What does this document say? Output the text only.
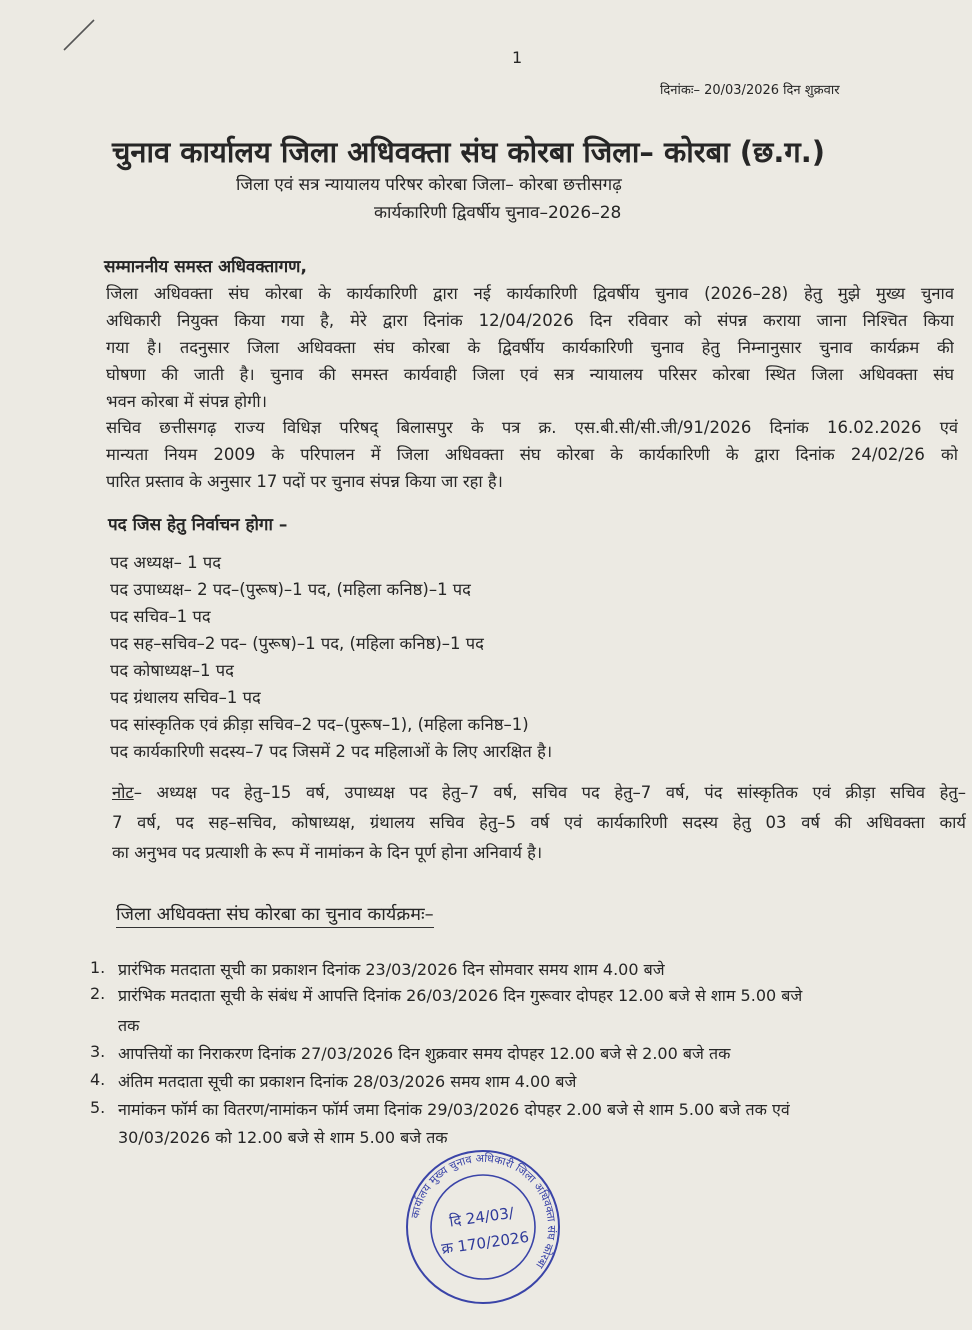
1
दिनांकः– 20/03/2026 दिन शुक्रवार
चुनाव कार्यालय जिला अधिवक्ता संघ कोरबा जिला– कोरबा (छ.ग.)
जिला एवं सत्र न्यायालय परिषर कोरबा जिला– कोरबा छत्तीसगढ़
कार्यकारिणी द्विवर्षीय चुनाव–2026–28
सम्माननीय समस्त अधिवक्तागण,
जिला अधिवक्ता संघ कोरबा के कार्यकारिणी द्वारा नई कार्यकारिणी द्विवर्षीय चुनाव (2026–28) हेतु मुझे मुख्य चुनाव
अधिकारी नियुक्त किया गया है, मेरे द्वारा दिनांक 12/04/2026 दिन रविवार को संपन्न कराया जाना निश्चित किया
गया है। तदनुसार जिला अधिवक्ता संघ कोरबा के द्विवर्षीय कार्यकारिणी चुनाव हेतु निम्नानुसार चुनाव कार्यक्रम की
घोषणा की जाती है। चुनाव की समस्त कार्यवाही जिला एवं सत्र न्यायालय परिसर कोरबा स्थित जिला अधिवक्ता संघ
भवन कोरबा में संपन्न होगी।
सचिव छत्तीसगढ़ राज्य विधिज्ञ परिषद् बिलासपुर के पत्र क्र. एस.बी.सी/सी.जी/91/2026 दिनांक 16.02.2026 एवं
मान्यता नियम 2009 के परिपालन में जिला अधिवक्ता संघ कोरबा के कार्यकारिणी के द्वारा दिनांक 24/02/26 को
पारित प्रस्ताव के अनुसार 17 पदों पर चुनाव संपन्न किया जा रहा है।
पद जिस हेतु निर्वाचन होगा –
पद अध्यक्ष– 1 पद
पद उपाध्यक्ष– 2 पद–(पुरूष)–1 पद, (महिला कनिष्ठ)–1 पद
पद सचिव–1 पद
पद सह–सचिव–2 पद– (पुरूष)–1 पद, (महिला कनिष्ठ)–1 पद
पद कोषाध्यक्ष–1 पद
पद ग्रंथालय सचिव–1 पद
पद सांस्कृतिक एवं क्रीड़ा सचिव–2 पद–(पुरूष–1), (महिला कनिष्ठ–1)
पद कार्यकारिणी सदस्य–7 पद जिसमें 2 पद महिलाओं के लिए आरक्षित है।
नोट– अध्यक्ष पद हेतु–15 वर्ष, उपाध्यक्ष पद हेतु–7 वर्ष, सचिव पद हेतु–7 वर्ष, पंद सांस्कृतिक एवं क्रीड़ा सचिव हेतु–
7 वर्ष, पद सह–सचिव, कोषाध्यक्ष, ग्रंथालय सचिव हेतु–5 वर्ष एवं कार्यकारिणी सदस्य हेतु 03 वर्ष की अधिवक्ता कार्य
का अनुभव पद प्रत्याशी के रूप में नामांकन के दिन पूर्ण होना अनिवार्य है।
जिला अधिवक्ता संघ कोरबा का चुनाव कार्यक्रमः–
1. प्रारंभिक मतदाता सूची का प्रकाशन दिनांक 23/03/2026 दिन सोमवार समय शाम 4.00 बजे
2. प्रारंभिक मतदाता सूची के संबंध में आपत्ति दिनांक 26/03/2026 दिन गुरूवार दोपहर 12.00 बजे से शाम 5.00 बजे
तक
3. आपत्तियों का निराकरण दिनांक 27/03/2026 दिन शुक्रवार समय दोपहर 12.00 बजे से 2.00 बजे तक
4. अंतिम मतदाता सूची का प्रकाशन दिनांक 28/03/2026 समय शाम 4.00 बजे
5. नामांकन फॉर्म का वितरण/नामांकन फॉर्म जमा दिनांक 29/03/2026 दोपहर 2.00 बजे से शाम 5.00 बजे तक एवं
30/03/2026 को 12.00 बजे से शाम 5.00 बजे तक
कार्यालय मुख्य चुनाव अधिकारी जिला अधिवक्ता संघ कोरबा
दि 24/03/
क्र 170/2026
